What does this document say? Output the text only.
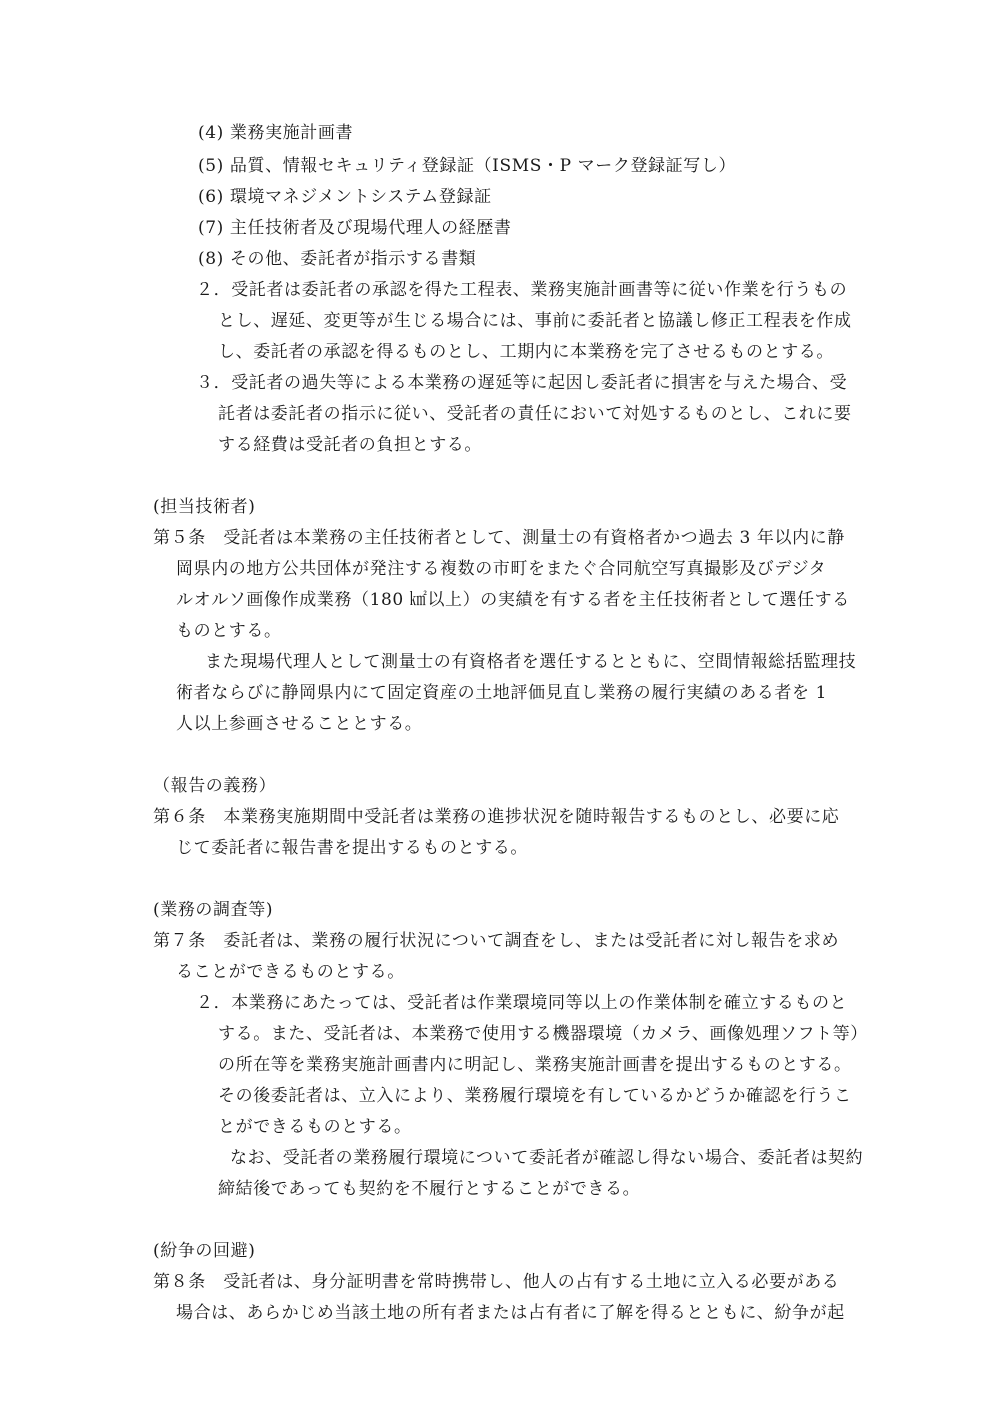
(4) 業務実施計画書
(5) 品質、情報セキュリティ登録証（ISMS・P マーク登録証写し）
(6) 環境マネジメントシステム登録証
(7) 主任技術者及び現場代理人の経歴書
(8) その他、委託者が指示する書類
２．受託者は委託者の承認を得た工程表、業務実施計画書等に従い作業を行うもの
とし、遅延、変更等が生じる場合には、事前に委託者と協議し修正工程表を作成
し、委託者の承認を得るものとし、工期内に本業務を完了させるものとする。
３．受託者の過失等による本業務の遅延等に起因し委託者に損害を与えた場合、受
託者は委託者の指示に従い、受託者の責任において対処するものとし、これに要
する経費は受託者の負担とする。
(担当技術者)
第５条　受託者は本業務の主任技術者として、測量士の有資格者かつ過去 3 年以内に静
岡県内の地方公共団体が発注する複数の市町をまたぐ合同航空写真撮影及びデジタ
ルオルソ画像作成業務（180 ㎢以上）の実績を有する者を主任技術者として選任する
ものとする。
また現場代理人として測量士の有資格者を選任するとともに、空間情報総括監理技
術者ならびに静岡県内にて固定資産の土地評価見直し業務の履行実績のある者を 1
人以上参画させることとする。
（報告の義務）
第６条　本業務実施期間中受託者は業務の進捗状況を随時報告するものとし、必要に応
じて委託者に報告書を提出するものとする。
(業務の調査等)
第７条　委託者は、業務の履行状況について調査をし、または受託者に対し報告を求め
ることができるものとする。
２．本業務にあたっては、受託者は作業環境同等以上の作業体制を確立するものと
する。また、受託者は、本業務で使用する機器環境（カメラ、画像処理ソフト等）
の所在等を業務実施計画書内に明記し、業務実施計画書を提出するものとする。
その後委託者は、立入により、業務履行環境を有しているかどうか確認を行うこ
とができるものとする。
なお、受託者の業務履行環境について委託者が確認し得ない場合、委託者は契約
締結後であっても契約を不履行とすることができる。
(紛争の回避)
第８条　受託者は、身分証明書を常時携帯し、他人の占有する土地に立入る必要がある
場合は、あらかじめ当該土地の所有者または占有者に了解を得るとともに、紛争が起
